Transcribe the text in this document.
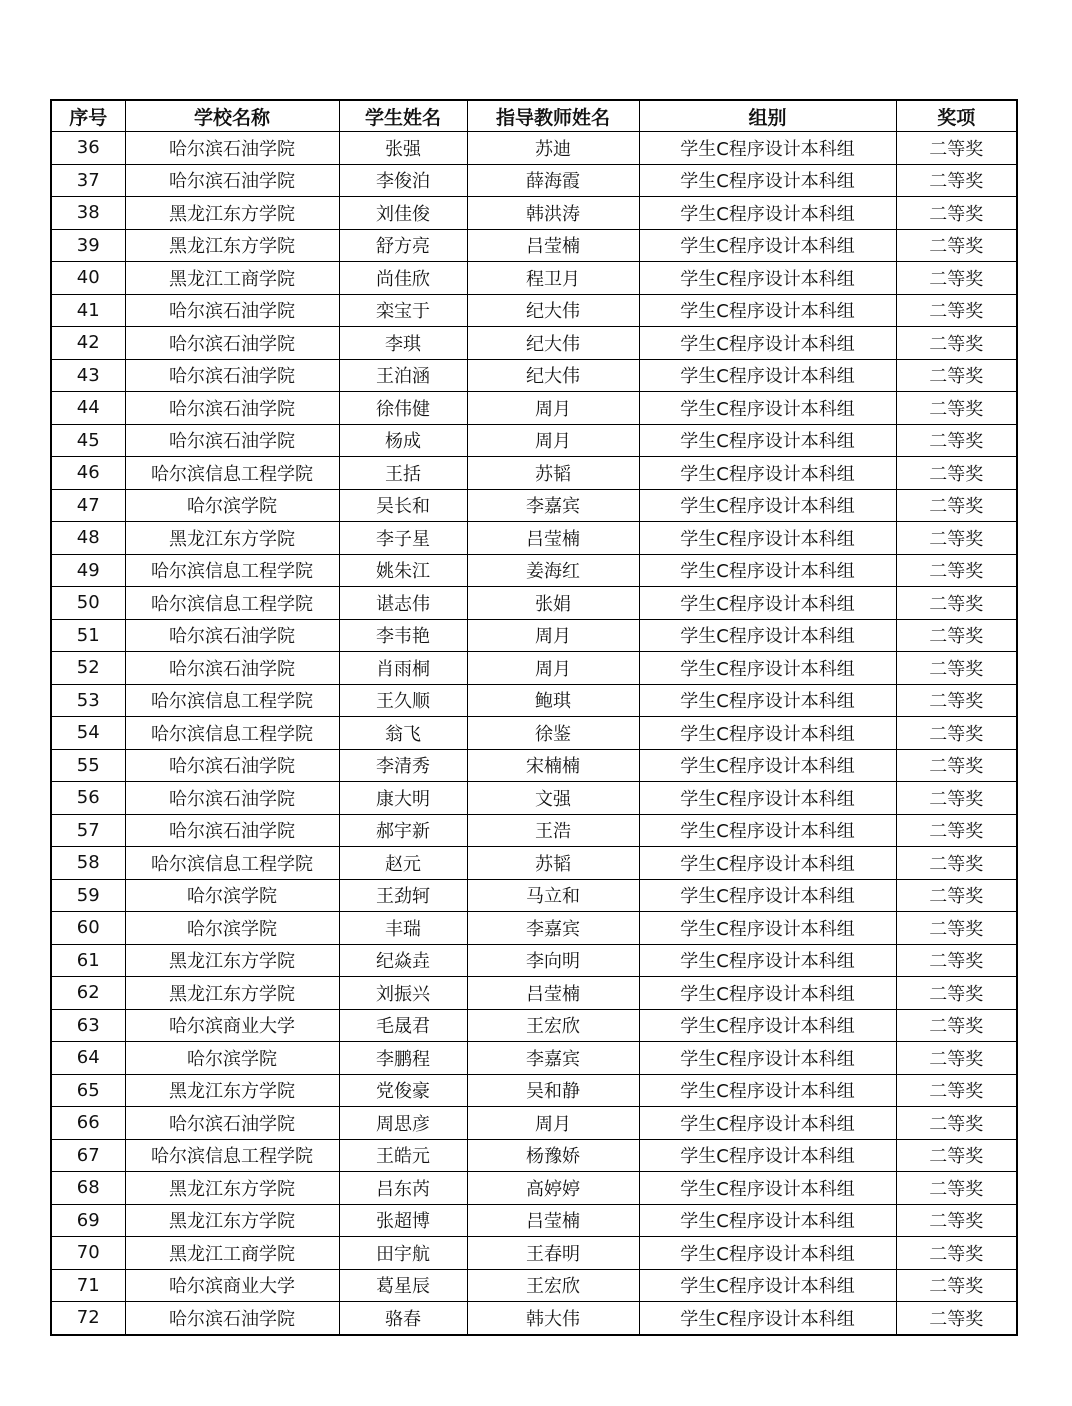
序号	学校名称	学生姓名	指导教师姓名	组别	奖项
36	哈尔滨石油学院	张强	苏迪	学生C程序设计本科组	二等奖
37	哈尔滨石油学院	李俊泊	薛海霞	学生C程序设计本科组	二等奖
38	黑龙江东方学院	刘佳俊	韩洪涛	学生C程序设计本科组	二等奖
39	黑龙江东方学院	舒方亮	吕莹楠	学生C程序设计本科组	二等奖
40	黑龙江工商学院	尚佳欣	程卫月	学生C程序设计本科组	二等奖
41	哈尔滨石油学院	栾宝于	纪大伟	学生C程序设计本科组	二等奖
42	哈尔滨石油学院	李琪	纪大伟	学生C程序设计本科组	二等奖
43	哈尔滨石油学院	王泊涵	纪大伟	学生C程序设计本科组	二等奖
44	哈尔滨石油学院	徐伟健	周月	学生C程序设计本科组	二等奖
45	哈尔滨石油学院	杨成	周月	学生C程序设计本科组	二等奖
46	哈尔滨信息工程学院	王括	苏韬	学生C程序设计本科组	二等奖
47	哈尔滨学院	吴长和	李嘉宾	学生C程序设计本科组	二等奖
48	黑龙江东方学院	李子星	吕莹楠	学生C程序设计本科组	二等奖
49	哈尔滨信息工程学院	姚朱江	姜海红	学生C程序设计本科组	二等奖
50	哈尔滨信息工程学院	谌志伟	张娟	学生C程序设计本科组	二等奖
51	哈尔滨石油学院	李韦艳	周月	学生C程序设计本科组	二等奖
52	哈尔滨石油学院	肖雨桐	周月	学生C程序设计本科组	二等奖
53	哈尔滨信息工程学院	王久顺	鲍琪	学生C程序设计本科组	二等奖
54	哈尔滨信息工程学院	翁飞	徐鉴	学生C程序设计本科组	二等奖
55	哈尔滨石油学院	李清秀	宋楠楠	学生C程序设计本科组	二等奖
56	哈尔滨石油学院	康大明	文强	学生C程序设计本科组	二等奖
57	哈尔滨石油学院	郝宇新	王浩	学生C程序设计本科组	二等奖
58	哈尔滨信息工程学院	赵元	苏韬	学生C程序设计本科组	二等奖
59	哈尔滨学院	王劲轲	马立和	学生C程序设计本科组	二等奖
60	哈尔滨学院	丰瑞	李嘉宾	学生C程序设计本科组	二等奖
61	黑龙江东方学院	纪焱垚	李向明	学生C程序设计本科组	二等奖
62	黑龙江东方学院	刘振兴	吕莹楠	学生C程序设计本科组	二等奖
63	哈尔滨商业大学	毛晟君	王宏欣	学生C程序设计本科组	二等奖
64	哈尔滨学院	李鹏程	李嘉宾	学生C程序设计本科组	二等奖
65	黑龙江东方学院	党俊豪	吴和静	学生C程序设计本科组	二等奖
66	哈尔滨石油学院	周思彦	周月	学生C程序设计本科组	二等奖
67	哈尔滨信息工程学院	王皓元	杨豫娇	学生C程序设计本科组	二等奖
68	黑龙江东方学院	吕东芮	高婷婷	学生C程序设计本科组	二等奖
69	黑龙江东方学院	张超博	吕莹楠	学生C程序设计本科组	二等奖
70	黑龙江工商学院	田宇航	王春明	学生C程序设计本科组	二等奖
71	哈尔滨商业大学	葛星辰	王宏欣	学生C程序设计本科组	二等奖
72	哈尔滨石油学院	骆春	韩大伟	学生C程序设计本科组	二等奖
